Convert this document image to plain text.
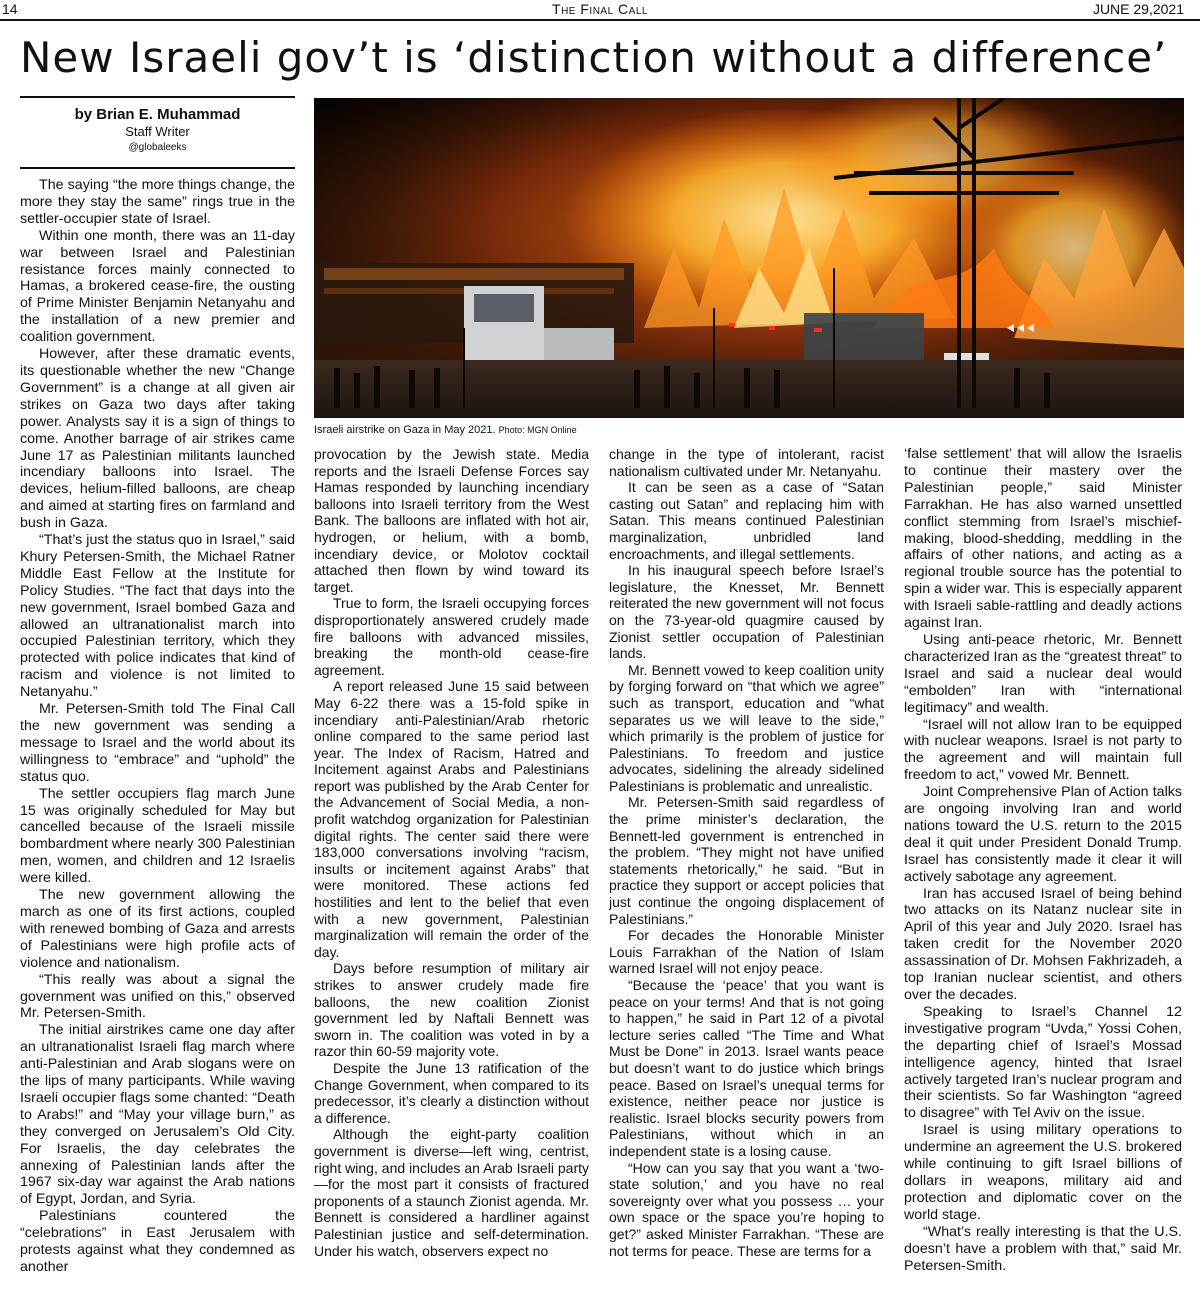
14	The Final Call	JUNE 29,2021
New Israeli gov’t is ‘distinction without a difference’
by Brian E. Muhammad
Staff Writer
@globaleeks
Israeli airstrike on Gaza in May 2021. Photo: MGN Online

The saying “the more things change, the more they stay the same” rings true in the settler-occupier state of Israel.

Within one month, there was an 11-day war between Israel and Palestinian resistance forces mainly connected to Hamas, a brokered cease-fire, the ousting of Prime Minister Benjamin Netanyahu and the installation of a new premier and coalition government.

However, after these dramatic events, its questionable whether the new “Change Government” is a change at all given air strikes on Gaza two days after taking power. Analysts say it is a sign of things to come. Another barrage of air strikes came June 17 as Palestinian militants launched incendiary balloons into Israel. The devices, helium-filled balloons, are cheap and aimed at starting fires on farmland and bush in Gaza.

“That’s just the status quo in Israel,” said Khury Petersen-Smith, the Michael Ratner Middle East Fellow at the Institute for Policy Studies. “The fact that days into the new government, Israel bombed Gaza and allowed an ultranationalist march into occupied Palestinian territory, which they protected with police indicates that kind of racism and violence is not limited to Netanyahu.”

Mr. Petersen-Smith told The Final Call the new government was sending a message to Israel and the world about its willingness to “embrace” and “uphold” the status quo.

The settler occupiers flag march June 15 was originally scheduled for May but cancelled because of the Israeli missile bombardment where nearly 300 Palestinian men, women, and children and 12 Israelis were killed.

The new government allowing the march as one of its first actions, coupled with renewed bombing of Gaza and arrests of Palestinians were high profile acts of violence and nationalism.

“This really was about a signal the government was unified on this,” observed Mr. Petersen-Smith.

The initial airstrikes came one day after an ultranationalist Israeli flag march where anti-Palestinian and Arab slogans were on the lips of many participants. While waving Israeli occupier flags some chanted: “Death to Arabs!” and “May your village burn,” as they converged on Jerusalem’s Old City. For Israelis, the day celebrates the annexing of Palestinian lands after the 1967 six-day war against the Arab nations of Egypt, Jordan, and Syria.

Palestinians countered the “celebrations” in East Jerusalem with protests against what they condemned as another

provocation by the Jewish state. Media reports and the Israeli Defense Forces say Hamas responded by launching incendiary balloons into Israeli territory from the West Bank. The balloons are inflated with hot air, hydrogen, or helium, with a bomb, incendiary device, or Molotov cocktail attached then flown by wind toward its target.

True to form, the Israeli occupying forces disproportionately answered crudely made fire balloons with advanced missiles, breaking the month-old cease-fire agreement.

A report released June 15 said between May 6-22 there was a 15-fold spike in incendiary anti-Palestinian/Arab rhetoric online compared to the same period last year. The Index of Racism, Hatred and Incitement against Arabs and Palestinians report was published by the Arab Center for the Advancement of Social Media, a non-profit watchdog organization for Palestinian digital rights. The center said there were 183,000 conversations involving “racism, insults or incitement against Arabs” that were monitored. These actions fed hostilities and lent to the belief that even with a new government, Palestinian marginalization will remain the order of the day.

Days before resumption of military air strikes to answer crudely made fire balloons, the new coalition Zionist government led by Naftali Bennett was sworn in. The coalition was voted in by a razor thin 60-59 majority vote.

Despite the June 13 ratification of the Change Government, when compared to its predecessor, it’s clearly a distinction without a difference.

Although the eight-party coalition government is diverse—left wing, centrist, right wing, and includes an Arab Israeli party—for the most part it consists of fractured proponents of a staunch Zionist agenda. Mr. Bennett is considered a hardliner against Palestinian justice and self-determination. Under his watch, observers expect no

change in the type of intolerant, racist nationalism cultivated under Mr. Netanyahu.

It can be seen as a case of “Satan casting out Satan” and replacing him with Satan. This means continued Palestinian marginalization, unbridled land encroachments, and illegal settlements.

In his inaugural speech before Israel’s legislature, the Knesset, Mr. Bennett reiterated the new government will not focus on the 73-year-old quagmire caused by Zionist settler occupation of Palestinian lands.

Mr. Bennett vowed to keep coalition unity by forging forward on “that which we agree” such as transport, education and “what separates us we will leave to the side,” which primarily is the problem of justice for Palestinians. To freedom and justice advocates, sidelining the already sidelined Palestinians is problematic and unrealistic.

Mr. Petersen-Smith said regardless of the prime minister’s declaration, the Bennett-led government is entrenched in the problem. “They might not have unified statements rhetorically,” he said. “But in practice they support or accept policies that just continue the ongoing displacement of Palestinians.”

For decades the Honorable Minister Louis Farrakhan of the Nation of Islam warned Israel will not enjoy peace.

“Because the ‘peace’ that you want is peace on your terms! And that is not going to happen,” he said in Part 12 of a pivotal lecture series called “The Time and What Must be Done” in 2013. Israel wants peace but doesn’t want to do justice which brings peace. Based on Israel’s unequal terms for existence, neither peace nor justice is realistic. Israel blocks security powers from Palestinians, without which in an independent state is a losing cause.

“How can you say that you want a ‘two-state solution,’ and you have no real sovereignty over what you possess … your own space or the space you’re hoping to get?” asked Minister Farrakhan. “These are not terms for peace. These are terms for a

‘false settlement’ that will allow the Israelis to continue their mastery over the Palestinian people,” said Minister Farrakhan. He has also warned unsettled conflict stemming from Israel’s mischief-making, blood-shedding, meddling in the affairs of other nations, and acting as a regional trouble source has the potential to spin a wider war. This is especially apparent with Israeli sable-rattling and deadly actions against Iran.

Using anti-peace rhetoric, Mr. Bennett characterized Iran as the “greatest threat” to Israel and said a nuclear deal would “embolden” Iran with “international legitimacy” and wealth.

“Israel will not allow Iran to be equipped with nuclear weapons. Israel is not party to the agreement and will maintain full freedom to act,” vowed Mr. Bennett.

Joint Comprehensive Plan of Action talks are ongoing involving Iran and world nations toward the U.S. return to the 2015 deal it quit under President Donald Trump. Israel has consistently made it clear it will actively sabotage any agreement.

Iran has accused Israel of being behind two attacks on its Natanz nuclear site in April of this year and July 2020. Israel has taken credit for the November 2020 assassination of Dr. Mohsen Fakhrizadeh, a top Iranian nuclear scientist, and others over the decades.

Speaking to Israel’s Channel 12 investigative program “Uvda,” Yossi Cohen, the departing chief of Israel’s Mossad intelligence agency, hinted that Israel actively targeted Iran’s nuclear program and their scientists. So far Washington “agreed to disagree” with Tel Aviv on the issue.

Israel is using military operations to undermine an agreement the U.S. brokered while continuing to gift Israel billions of dollars in weapons, military aid and protection and diplomatic cover on the world stage.

“What’s really interesting is that the U.S. doesn’t have a problem with that,” said Mr. Petersen-Smith.
